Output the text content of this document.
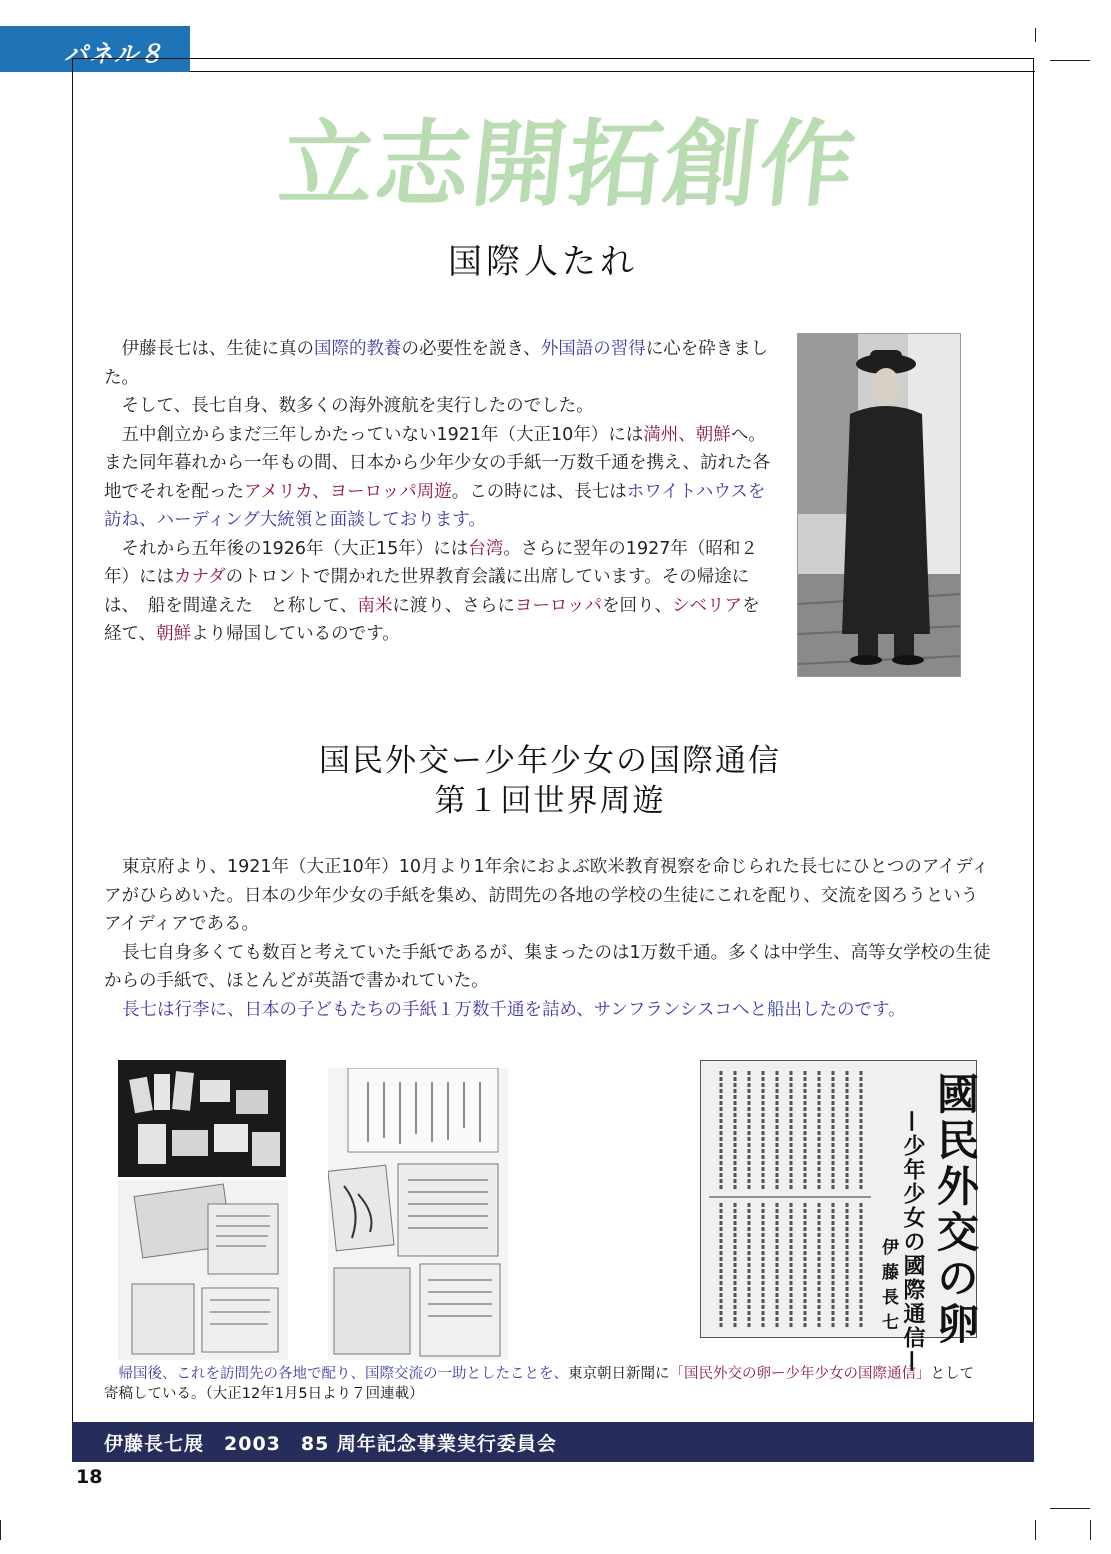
パネル８
立志開拓創作
国際人たれ
　伊藤長七は、生徒に真の国際的教養の必要性を説き、外国語の習得に心を砕きました。
　そして、長七自身、数多くの海外渡航を実行したのでした。
　五中創立からまだ三年しかたっていない1921年（大正10年）には満州、朝鮮へ。また同年暮れから一年もの間、日本から少年少女の手紙一万数千通を携え、訪れた各地でそれを配ったアメリカ、ヨーロッパ周遊。この時には、長七はホワイトハウスを訪ね、ハーディング大統領と面談しております。
　それから五年後の1926年（大正15年）には台湾。さらに翌年の1927年（昭和２年）にはカナダのトロントで開かれた世界教育会議に出席しています。その帰途には、　船を間違えた　と称して、南米に渡り、さらにヨーロッパを回り、シベリアを経て、朝鮮より帰国しているのです。
国民外交ー少年少女の国際通信
第１回世界周遊

東京府より、1921年（大正10年）10月より1年余におよぶ欧米教育視察を命じられた長七にひとつのアイディアがひらめいた。日本の少年少女の手紙を集め、訪問先の各地の学校の生徒にこれを配り、交流を図ろうというアイディアである。

長七自身多くても数百と考えていた手紙であるが、集まったのは1万数千通。多くは中学生、高等女学校の生徒からの手紙で、ほとんどが英語で書かれていた。

長七は行李に、日本の子どもたちの手紙１万数千通を詰め、サンフランシスコへと船出したのです。

國民外交の卵
—少年少女の國際通信—
伊藤長七

　帰国後、これを訪問先の各地で配り、国際交流の一助としたことを、東京朝日新聞に「国民外交の卵ー少年少女の国際通信」として寄稿している。（大正12年1月5日より７回連載）

伊藤長七展　2003　85 周年記念事業実行委員会
18
